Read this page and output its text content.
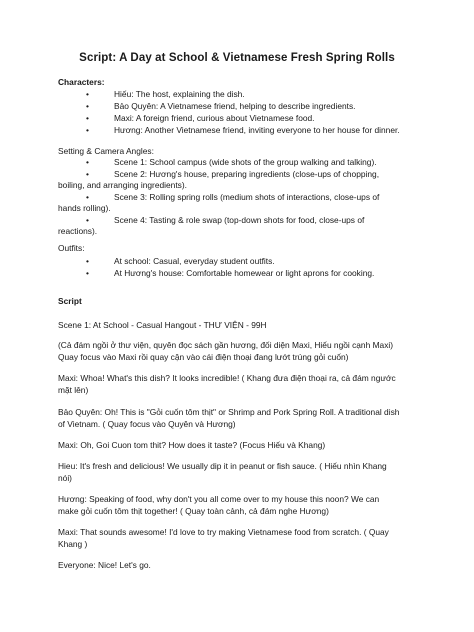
Script: A Day at School & Vietnamese Fresh Spring Rolls
Characters:
•	Hiếu: The host, explaining the dish.
•	Bảo Quyên: A Vietnamese friend, helping to describe ingredients.
•	Maxi: A foreign friend, curious about Vietnamese food.
•	Hương: Another Vietnamese friend, inviting everyone to her house for dinner.
Setting & Camera Angles:
•	Scene 1: School campus (wide shots of the group walking and talking).
•	Scene 2: Hương's house, preparing ingredients (close-ups of chopping,
boiling, and arranging ingredients).
•	Scene 3: Rolling spring rolls (medium shots of interactions, close-ups of
hands rolling).
•	Scene 4: Tasting & role swap (top-down shots for food, close-ups of
reactions).
Outfits:
•	At school: Casual, everyday student outfits.
•	At Hương's house: Comfortable homewear or light aprons for cooking.
Script
Scene 1: At School - Casual Hangout - THƯ VIỆN - 99H
(Cả đám ngồi ở thư viện, quyên đọc sách gần hương, đối diện Maxi, Hiếu ngồi cạnh Maxi)
Quay focus vào Maxi rồi quay cận vào cái điện thoại đang lướt trúng gỏi cuốn)
Maxi: Whoa! What's this dish? It looks incredible! ( Khang đưa điện thoại ra, cả đám ngước
mặt lên)
Bảo Quyên: Oh! This is "Gỏi cuốn tôm thịt" or Shrimp and Pork Spring Roll. A traditional dish
of Vietnam. ( Quay focus vào Quyên và Hương)
Maxi: Oh, Goi Cuon tom thit? How does it taste? (Focus Hiếu và Khang)
Hieu: It's fresh and delicious! We usually dip it in peanut or fish sauce. ( Hiếu nhìn Khang
nói)
Hương: Speaking of food, why don't you all come over to my house this noon? We can
make gỏi cuốn tôm thịt together! ( Quay toàn cảnh, cả đám nghe Hương)
Maxi: That sounds awesome! I'd love to try making Vietnamese food from scratch. ( Quay
Khang )
Everyone: Nice! Let's go.
